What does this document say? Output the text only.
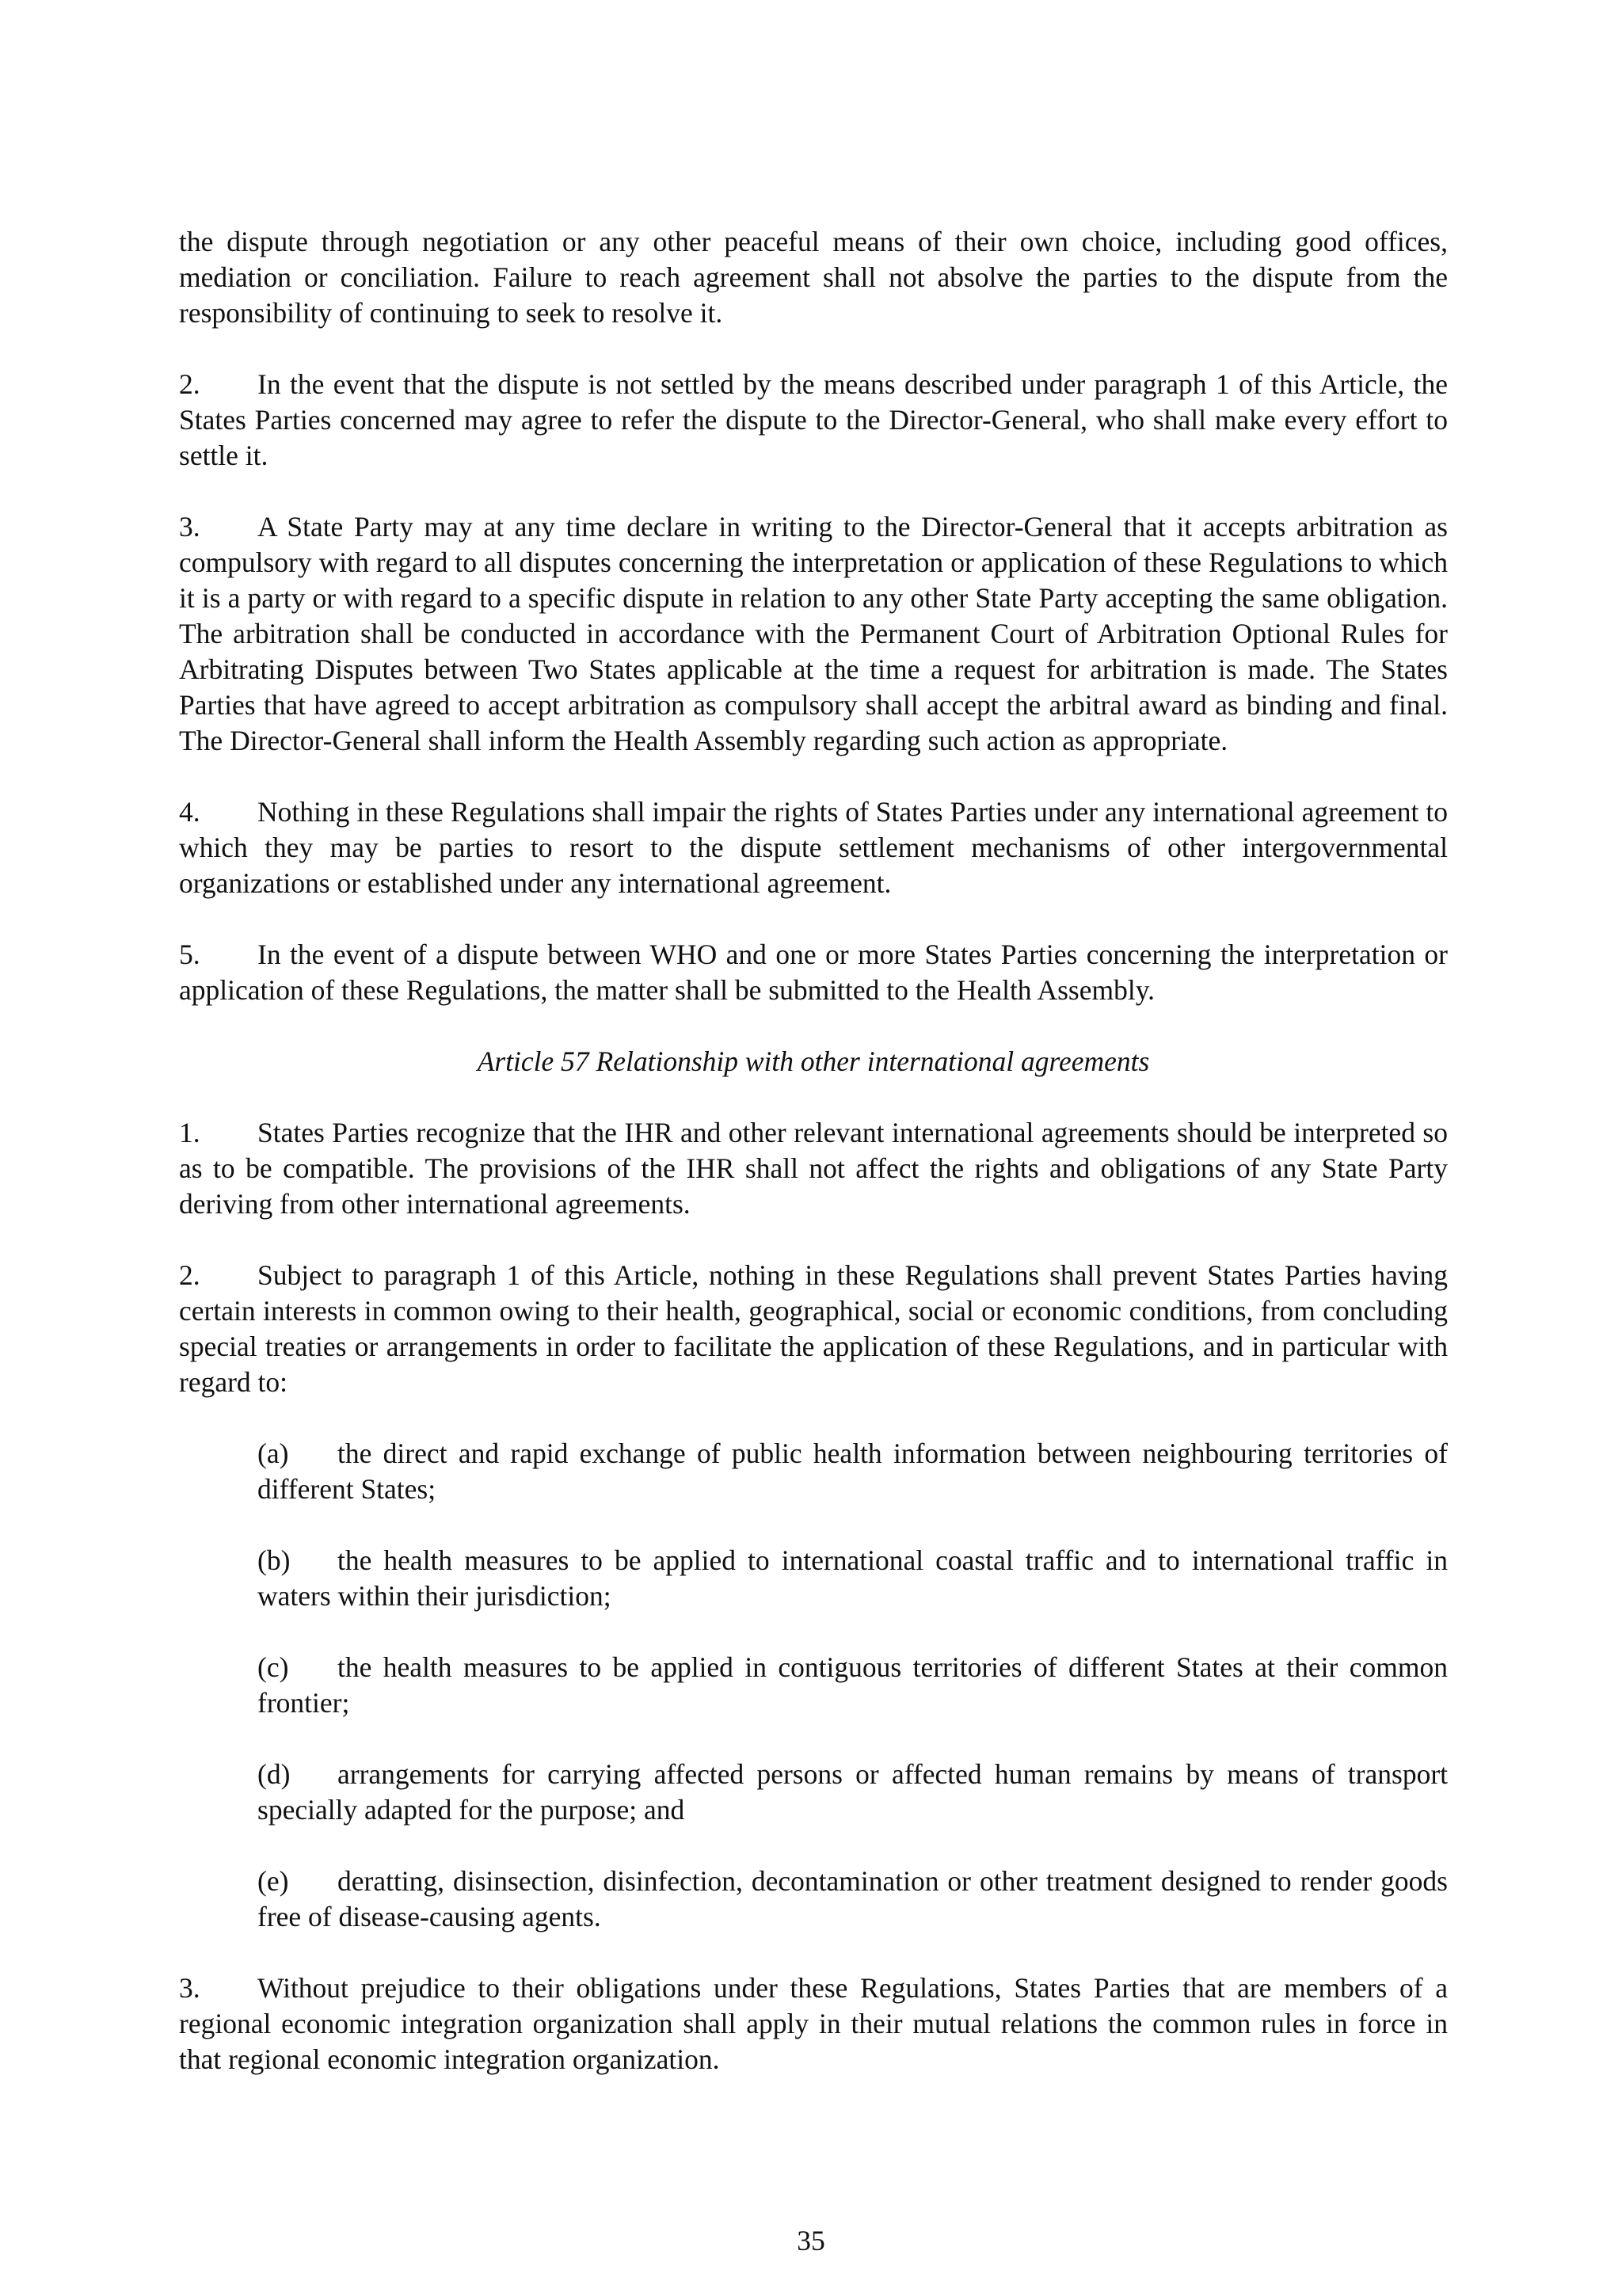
the dispute through negotiation or any other peaceful means of their own choice, including good offices, mediation or conciliation. Failure to reach agreement shall not absolve the parties to the dispute from the responsibility of continuing to seek to resolve it.

2. In the event that the dispute is not settled by the means described under paragraph 1 of this Article, the States Parties concerned may agree to refer the dispute to the Director-General, who shall make every effort to settle it.

3. A State Party may at any time declare in writing to the Director-General that it accepts arbitration as compulsory with regard to all disputes concerning the interpretation or application of these Regulations to which it is a party or with regard to a specific dispute in relation to any other State Party accepting the same obligation. The arbitration shall be conducted in accordance with the Permanent Court of Arbitration Optional Rules for Arbitrating Disputes between Two States applicable at the time a request for arbitration is made. The States Parties that have agreed to accept arbitration as compulsory shall accept the arbitral award as binding and final. The Director-General shall inform the Health Assembly regarding such action as appropriate.

4. Nothing in these Regulations shall impair the rights of States Parties under any international agreement to which they may be parties to resort to the dispute settlement mechanisms of other intergovernmental organizations or established under any international agreement.

5. In the event of a dispute between WHO and one or more States Parties concerning the interpretation or application of these Regulations, the matter shall be submitted to the Health Assembly.

Article 57 Relationship with other international agreements

1. States Parties recognize that the IHR and other relevant international agreements should be interpreted so as to be compatible. The provisions of the IHR shall not affect the rights and obligations of any State Party deriving from other international agreements.

2. Subject to paragraph 1 of this Article, nothing in these Regulations shall prevent States Parties having certain interests in common owing to their health, geographical, social or economic conditions, from concluding special treaties or arrangements in order to facilitate the application of these Regulations, and in particular with regard to:

(a) the direct and rapid exchange of public health information between neighbouring territories of different States;

(b) the health measures to be applied to international coastal traffic and to international traffic in waters within their jurisdiction;

(c) the health measures to be applied in contiguous territories of different States at their common frontier;

(d) arrangements for carrying affected persons or affected human remains by means of transport specially adapted for the purpose; and

(e) deratting, disinsection, disinfection, decontamination or other treatment designed to render goods free of disease-causing agents.

3. Without prejudice to their obligations under these Regulations, States Parties that are members of a regional economic integration organization shall apply in their mutual relations the common rules in force in that regional economic integration organization.

35
